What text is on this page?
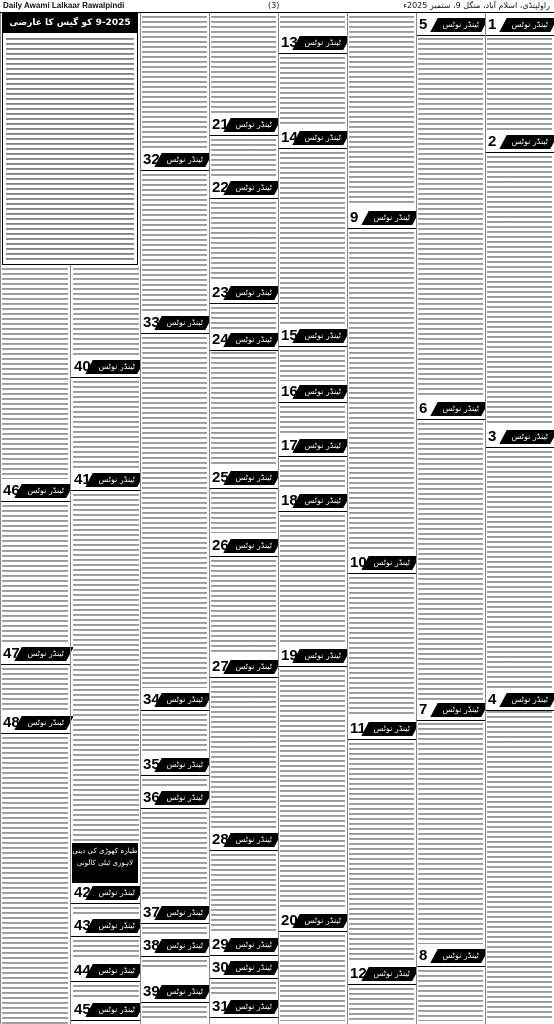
Daily Awami Lalkaar Rawalpindi	(3)	راولپنڈی، اسلام آباد، منگل 9، ستمبر 2025ء
ٹینڈر نوٹس
1
ٹینڈر نوٹس
2
ٹینڈر نوٹس
3
ٹینڈر نوٹس
5
ٹینڈر نوٹس
6
ٹینڈر نوٹس
8
ٹینڈر نوٹس
9
ٹینڈر نوٹس
10
ٹینڈر نوٹس
11
ٹینڈر نوٹس
12
ٹینڈر نوٹس
13
ٹینڈر نوٹس
14
ٹینڈر نوٹس
15
ٹینڈر نوٹس
16
ٹینڈر نوٹس
17
ٹینڈر نوٹس
18
ٹینڈر نوٹس
19
ٹینڈر نوٹس
20
ٹینڈر نوٹس
21
ٹینڈر نوٹس
22
ٹینڈر نوٹس
23
ٹینڈر نوٹس
25
ٹینڈر نوٹس
26
ٹینڈر نوٹس
27
ٹینڈر نوٹس
28
ٹینڈر نوٹس
29
ٹینڈر نوٹس
30
ٹینڈر نوٹس
31
ٹینڈر نوٹس
32
ٹینڈر نوٹس
33
ٹینڈر نوٹس
34
ٹینڈر نوٹس
35
ٹینڈر نوٹس
36
ٹینڈر نوٹس
37
ٹینڈر نوٹس
38
ٹینڈر نوٹس
39
9-2025 کو گیس کا عارضی
ٹینڈر نوٹس
46
ٹینڈر نوٹس
47
ٹینڈر نوٹس
48
ٹینڈر نوٹس
40
ٹینڈر نوٹس
41
طیارہ کھوڑی کی دینی لاہوری ٹیلی کالونی
ٹینڈر نوٹس
42
ٹینڈر نوٹس
43
ٹینڈر نوٹس
44
ٹینڈر نوٹس
45
ٹینڈر نوٹس
7
ٹینڈر نوٹس
4
ٹینڈر نوٹس
24
